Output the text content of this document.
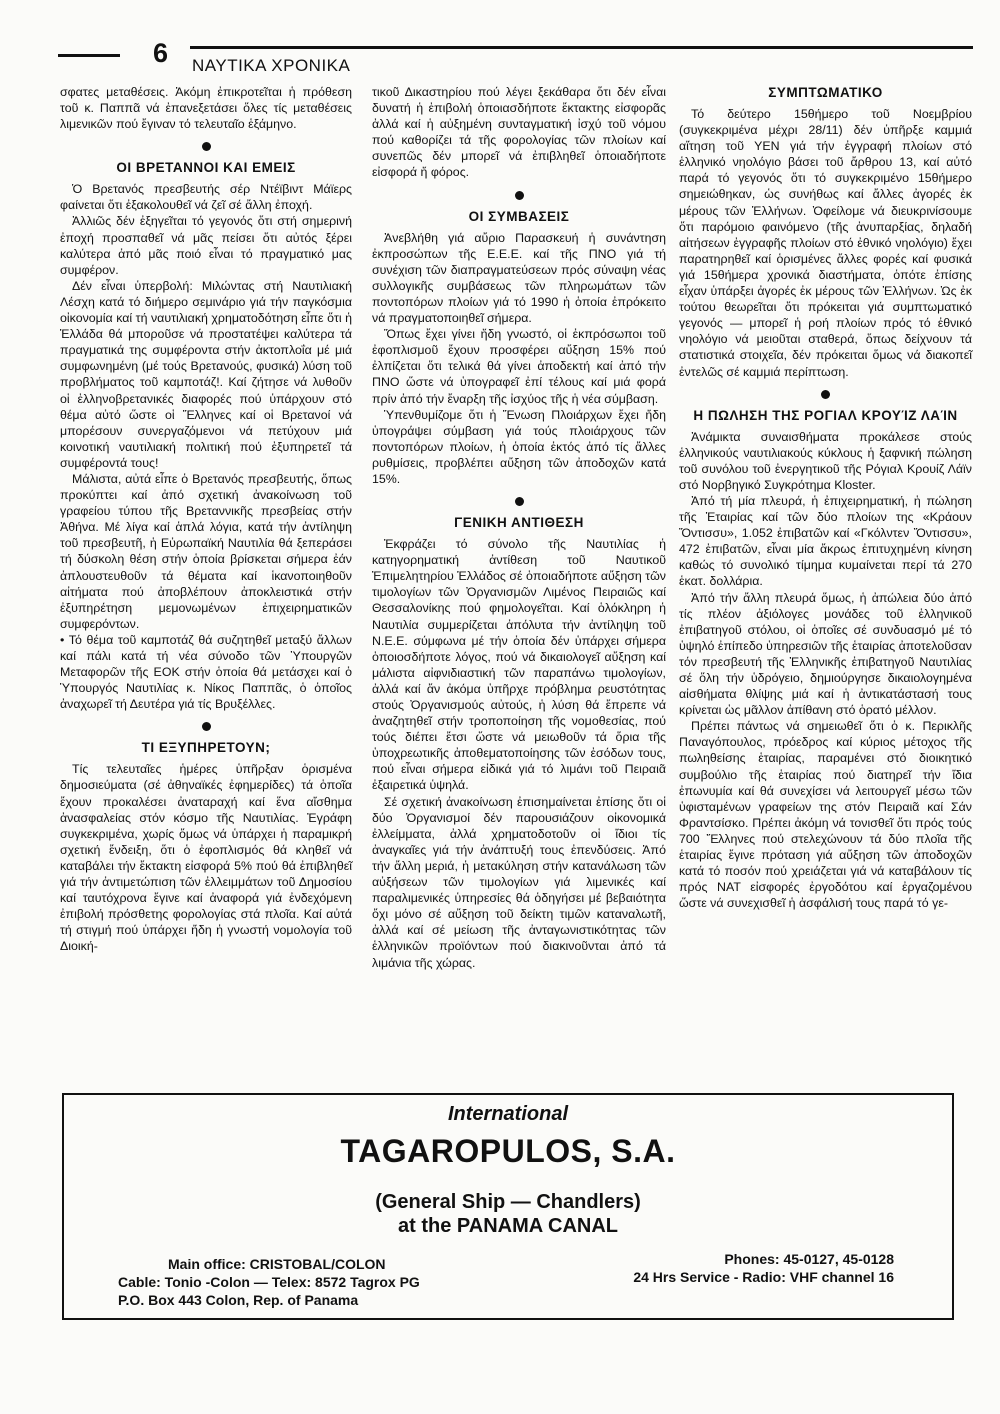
6 ΝΑΥΤΙΚΑ ΧΡΟΝΙΚΑ

σφατες μεταθέσεις. Ἀκόμη ἐπικροτεῖται ἡ πρόθεση τοῦ κ. Παππᾶ νά ἐπανεξετάσει ὅλες τίς μεταθέσεις λιμενικῶν πού ἔγιναν τό τελευταῖο ἑξάμηνο.

ΟΙ ΒΡΕΤΑΝΝΟΙ ΚΑΙ ΕΜΕΙΣ

Ὁ Βρετανός πρεσβευτής σέρ Ντέϊβιντ Μάϊερς φαίνεται ὅτι ἐξακολουθεῖ νά ζεῖ σέ ἄλλη ἐποχή.

Ἀλλιῶς δέν ἐξηγεῖται τό γεγονός ὅτι στή σημερινή ἐποχή προσπαθεῖ νά μᾶς πείσει ὅτι αὐτός ξέρει καλύτερα ἀπό μᾶς ποιό εἶναι τό πραγματικό μας συμφέρον.

Δέν εἶναι ὑπερβολή: Μιλώντας στή Ναυτιλιακή Λέσχη κατά τό διήμερο σεμινάριο γιά τήν παγκόσμια οἰκονομία καί τή ναυτιλιακή χρηματοδότηση εἶπε ὅτι ἡ Ἑλλάδα θά μποροῦσε νά προστατέψει καλύτερα τά πραγματικά της συμφέροντα στήν ἀκτοπλοΐα μέ μιά συμφωνημένη (μέ τούς Βρετανούς, φυσικά) λύση τοῦ προβλήματος τοῦ καμποτάζ!. Καί ζήτησε νά λυθοῦν οἱ ἑλληνοβρετανικές διαφορές πού ὑπάρχουν στό θέμα αὐτό ὥστε οἱ Ἕλληνες καί οἱ Βρετανοί νά μπορέσουν συνεργαζόμενοι νά πετύχουν μιά κοινοτική ναυτιλιακή πολιτική πού ἐξυπηρετεῖ τά συμφέροντά τους!

Μάλιστα, αὐτά εἶπε ὁ Βρετανός πρεσβευτής, ὅπως προκύπτει καί ἀπό σχετική ἀνακοίνωση τοῦ γραφείου τύπου τῆς Βρεταννικῆς πρεσβείας στήν Ἀθήνα. Μέ λίγα καί ἁπλά λόγια, κατά τήν ἀντίληψη τοῦ πρεσβευτῆ, ἡ Εὐρωπαϊκή Ναυτιλία θά ξεπεράσει τή δύσκολη θέση στήν ὁποία βρίσκεται σήμερα ἐάν ἀπλουστευθοῦν τά θέματα καί ἱκανοποιηθοῦν αἰτήματα πού ἀποβλέπουν ἀποκλειστικά στήν ἐξυπηρέτηση μεμονωμένων ἐπιχειρηματικῶν συμφερόντων.

• Τό θέμα τοῦ καμποτάζ θά συζητηθεῖ μεταξύ ἄλλων καί πάλι κατά τή νέα σύνοδο τῶν Ὑπουργῶν Μεταφορῶν τῆς ΕΟΚ στήν ὁποία θά μετάσχει καί ὁ Ὑπουργός Ναυτιλίας κ. Νίκος Παππᾶς, ὁ ὁποῖος ἀναχωρεῖ τή Δευτέρα γιά τίς Βρυξέλλες.

ΤΙ ΕΞΥΠΗΡΕΤΟΥΝ;

Τίς τελευταῖες ἡμέρες ὑπῆρξαν ὁρισμένα δημοσιεύματα (σέ ἀθηναϊκές ἐφημερίδες) τά ὁποῖα ἔχουν προκαλέσει ἀναταραχή καί ἕνα αἴσθημα ἀνασφαλείας στόν κόσμο τῆς Ναυτιλίας. Ἐγράφη συγκεκριμένα, χωρίς ὅμως νά ὑπάρχει ἡ παραμικρή σχετική ἔνδειξη, ὅτι ὁ ἐφοπλισμός θά κληθεῖ νά καταβάλει τήν ἔκτακτη εἰσφορά 5% πού θά ἐπιβληθεῖ γιά τήν ἀντιμετώπιση τῶν ἐλλειμμάτων τοῦ Δημοσίου καί ταυτόχρονα ἔγινε καί ἀναφορά γιά ἐνδεχόμενη ἐπιβολή πρόσθετης φορολογίας στά πλοῖα. Καί αὐτά τή στιγμή πού ὑπάρχει ἤδη ἡ γνωστή νομολογία τοῦ Διοική-

τικοῦ Δικαστηρίου πού λέγει ξεκάθαρα ὅτι δέν εἶναι δυνατή ἡ ἐπιβολή ὁποιασδήποτε ἔκτακτης εἰσφορᾶς ἀλλά καί ἡ αὐξημένη συνταγματική ἰσχύ τοῦ νόμου πού καθορίζει τά τῆς φορολογίας τῶν πλοίων καί συνεπῶς δέν μπορεῖ νά ἐπιβληθεῖ ὁποιαδήποτε εἰσφορά ἤ φόρος.

ΟΙ ΣΥΜΒΑΣΕΙΣ

Ἀνεβλήθη γιά αὔριο Παρασκευή ἡ συνάντηση ἐκπροσώπων τῆς Ε.Ε.Ε. καί τῆς ΠΝΟ γιά τή συνέχιση τῶν διαπραγματεύσεων πρός σύναψη νέας συλλογικῆς συμβάσεως τῶν πληρωμάτων τῶν ποντοπόρων πλοίων γιά τό 1990 ἡ ὁποία ἐπρόκειτο νά πραγματοποιηθεῖ σήμερα.

Ὅπως ἔχει γίνει ἤδη γνωστό, οἱ ἐκπρόσωποι τοῦ ἐφοπλισμοῦ ἔχουν προσφέρει αὔξηση 15% πού ἐλπίζεται ὅτι τελικά θά γίνει ἀποδεκτή καί ἀπό τήν ΠΝΟ ὥστε νά ὑπογραφεῖ ἐπί τέλους καί μιά φορά πρίν ἀπό τήν ἔναρξη τῆς ἰσχύος τῆς ἡ νέα σύμβαση.

Ὑπενθυμίζομε ὅτι ἡ Ἕνωση Πλοιάρχων ἔχει ἤδη ὑπογράψει σύμβαση γιά τούς πλοιάρχους τῶν ποντοπόρων πλοίων, ἡ ὁποία ἐκτός ἀπό τίς ἄλλες ρυθμίσεις, προβλέπει αὔξηση τῶν ἀποδοχῶν κατά 15%.

ΓΕΝΙΚΗ ΑΝΤΙΘΕΣΗ

Ἐκφράζει τό σύνολο τῆς Ναυτιλίας ἡ κατηγορηματική ἀντίθεση τοῦ Ναυτικοῦ Ἐπιμελητηρίου Ἑλλάδος σέ ὁποιαδήποτε αὔξηση τῶν τιμολογίων τῶν Ὀργανισμῶν Λιμένος Πειραιῶς καί Θεσσαλονίκης πού φημολογεῖται. Καί ὁλόκληρη ἡ Ναυτιλία συμμερίζεται ἀπόλυτα τήν ἀντίληψη τοῦ Ν.Ε.Ε. σύμφωνα μέ τήν ὁποία δέν ὑπάρχει σήμερα ὁποιοσδήποτε λόγος, πού νά δικαιολογεῖ αὔξηση καί μάλιστα αἰφνιδιαστική τῶν παραπάνω τιμολογίων, ἀλλά καί ἄν ἀκόμα ὑπῆρχε πρόβλημα ρευστότητας στούς Ὀργανισμούς αὐτούς, ἡ λύση θά ἔπρεπε νά ἀναζητηθεῖ στήν τροποποίηση τῆς νομοθεσίας, πού τούς διέπει ἔτσι ὥστε νά μειωθοῦν τά ὅρια τῆς ὑποχρεωτικῆς ἀποθεματοποίησης τῶν ἐσόδων τους, πού εἶναι σήμερα εἰδικά γιά τό λιμάνι τοῦ Πειραιᾶ ἐξαιρετικά ὑψηλά.

Σέ σχετική ἀνακοίνωση ἐπισημαίνεται ἐπίσης ὅτι οἱ δύο Ὀργανισμοί δέν παρουσιάζουν οἰκονομικά ἐλλείμματα, ἀλλά χρηματοδοτοῦν οἱ ἴδιοι τίς ἀναγκαῖες γιά τήν ἀνάπτυξή τους ἐπενδύσεις. Ἀπό τήν ἄλλη μεριά, ἡ μετακύληση στήν κατανάλωση τῶν αὐξήσεων τῶν τιμολογίων γιά λιμενικές καί παραλιμενικές ὑπηρεσίες θά ὁδηγήσει μέ βεβαιότητα ὄχι μόνο σέ αὔξηση τοῦ δείκτη τιμῶν καταναλωτῆ, ἀλλά καί σέ μείωση τῆς ἀνταγωνιστικότητας τῶν ἑλληνικῶν προϊόντων πού διακινοῦνται ἀπό τά λιμάνια τῆς χώρας.

ΣΥΜΠΤΩΜΑΤΙΚΟ

Τό δεύτερο 15θήμερο τοῦ Νοεμβρίου (συγκεκριμένα μέχρι 28/11) δέν ὑπῆρξε καμμιά αἴτηση τοῦ ΥΕΝ γιά τήν ἐγγραφή πλοίων στό ἑλληνικό νηολόγιο βάσει τοῦ ἄρθρου 13, καί αὐτό παρά τό γεγονός ὅτι τό συγκεκριμένο 15θήμερο σημειώθηκαν, ὡς συνήθως καί ἄλλες ἀγορές ἐκ μέρους τῶν Ἑλλήνων. Ὀφείλομε νά διευκρινίσουμε ὅτι παρόμοιο φαινόμενο (τῆς ἀνυπαρξίας, δηλαδή αἰτήσεων ἐγγραφῆς πλοίων στό ἐθνικό νηολόγιο) ἔχει παρατηρηθεῖ καί ὁρισμένες ἄλλες φορές καί φυσικά γιά 15θήμερα χρονικά διαστήματα, ὁπότε ἐπίσης εἶχαν ὑπάρξει ἀγορές ἐκ μέρους τῶν Ἑλλήνων. Ὡς ἐκ τούτου θεωρεῖται ὅτι πρόκειται γιά συμπτωματικό γεγονός — μπορεῖ ἡ ροή πλοίων πρός τό ἐθνικό νηολόγιο νά μειοῦται σταθερά, ὅπως δείχνουν τά στατιστικά στοιχεῖα, δέν πρόκειται ὅμως νά διακοπεῖ ἐντελῶς σέ καμμιά περίπτωση.

Η ΠΩΛΗΣΗ ΤΗΣ ΡΟΓΙΑΛ ΚΡΟΥΊΖ ΛΑΊΝ

Ἀνάμικτα συναισθήματα προκάλεσε στούς ἑλληνικούς ναυτιλιακούς κύκλους ἡ ξαφνική πώληση τοῦ συνόλου τοῦ ἐνεργητικοῦ τῆς Ρόγιαλ Κρουίζ Λάϊν στό Νορβηγικό Συγκρότημα Kloster.

Ἀπό τή μία πλευρά, ἡ ἐπιχειρηματική, ἡ πώληση τῆς Ἑταιρίας καί τῶν δύο πλοίων της «Κράουν Ὄντισσυ», 1.052 ἐπιβατῶν καί «Γκόλντεν Ὄντισσυ», 472 ἐπιβατῶν, εἶναι μία ἄκρως ἐπιτυχημένη κίνηση καθώς τό συνολικό τίμημα κυμαίνεται περί τά 270 ἑκατ. δολλάρια.

Ἀπό τήν ἄλλη πλευρά ὅμως, ἡ ἀπώλεια δύο ἀπό τίς πλέον ἀξιόλογες μονάδες τοῦ ἑλληνικοῦ ἐπιβατηγοῦ στόλου, οἱ ὁποῖες σέ συνδυασμό μέ τό ὑψηλό ἐπίπεδο ὑπηρεσιῶν τῆς ἑταιρίας ἀποτελοῦσαν τόν πρεσβευτή τῆς Ἑλληνικῆς ἐπιβατηγοῦ Ναυτιλίας σέ ὅλη τήν ὑδρόγειο, δημιούργησε δικαιολογημένα αἰσθήματα θλίψης μιά καί ἡ ἀντικατάστασή τους κρίνεται ὡς μᾶλλον ἀπίθανη στό ὁρατό μέλλον.

Πρέπει πάντως νά σημειωθεῖ ὅτι ὁ κ. Περικλῆς Παναγόπουλος, πρόεδρος καί κύριος μέτοχος τῆς πωληθείσης ἑταιρίας, παραμένει στό διοικητικό συμβούλιο τῆς ἑταιρίας πού διατηρεῖ τήν ἴδια ἐπωνυμία καί θά συνεχίσει νά λειτουργεῖ μέσω τῶν ὑφισταμένων γραφείων της στόν Πειραιᾶ καί Σάν Φραντσίσκο. Πρέπει ἀκόμη νά τονισθεῖ ὅτι πρός τούς 700 Ἕλληνες πού στελεχώνουν τά δύο πλοῖα τῆς ἑταιρίας ἔγινε πρόταση γιά αὔξηση τῶν ἀποδοχῶν κατά τό ποσόν πού χρειάζεται γιά νά καταβάλουν τίς πρός ΝΑΤ εἰσφορές ἐργοδότου καί ἐργαζομένου ὥστε νά συνεχισθεῖ ἡ ἀσφάλισή τους παρά τό γε-

International
TAGAROPULOS, S.A.
(General Ship — Chandlers)
at the PANAMA CANAL
Main office: CRISTOBAL/COLON
Cable: Tonio -Colon — Telex: 8572 Tagrox PG
P.O. Box 443 Colon, Rep. of Panama
Phones: 45-0127, 45-0128
24 Hrs Service - Radio: VHF channel 16
